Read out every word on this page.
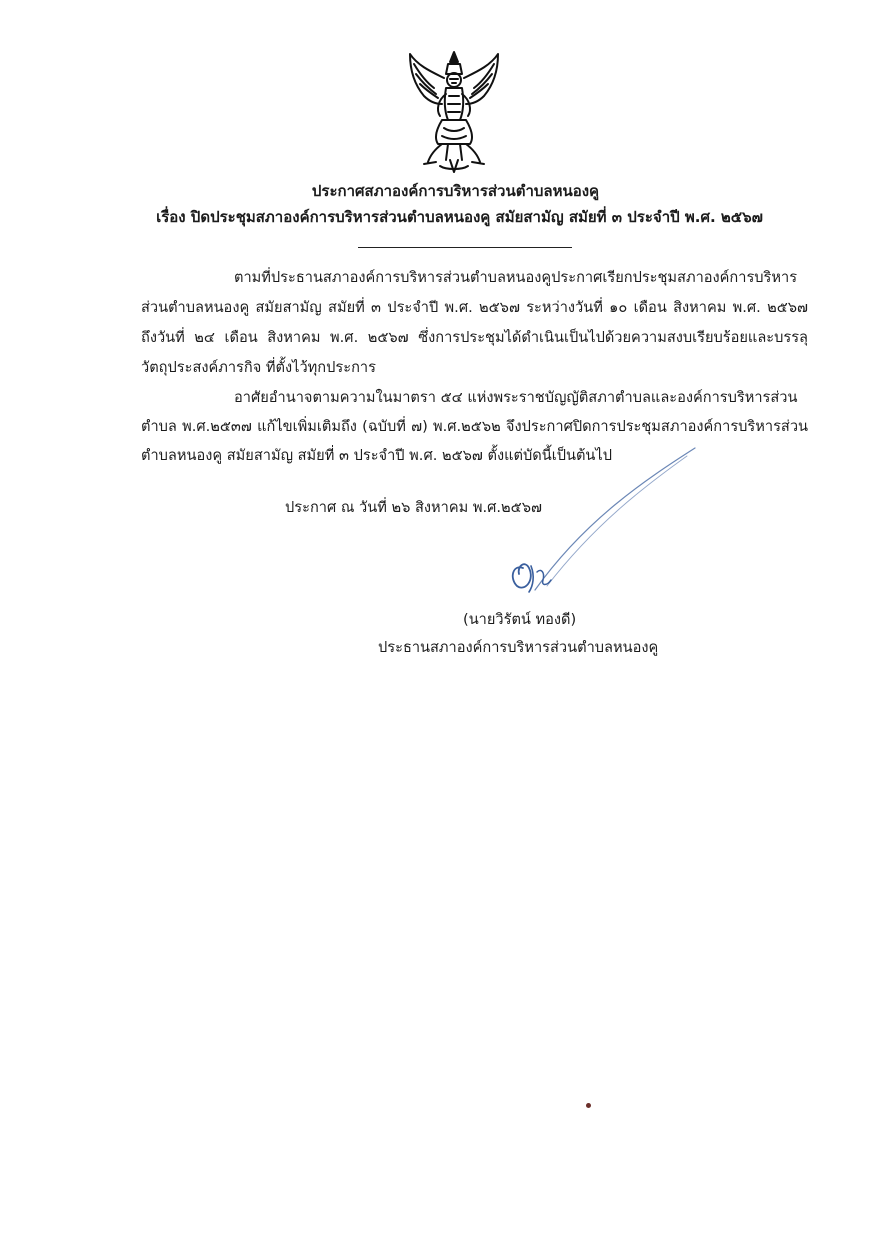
ประกาศสภาองค์การบริหารส่วนตำบลหนองคู
เรื่อง ปิดประชุมสภาองค์การบริหารส่วนตำบลหนองคู สมัยสามัญ สมัยที่ ๓ ประจำปี พ.ศ. ๒๕๖๗
ตามที่ประธานสภาองค์การบริหารส่วนตำบลหนองคูประกาศเรียกประชุมสภาองค์การบริหาร
ส่วนตำบลหนองคู สมัยสามัญ สมัยที่ ๓ ประจำปี พ.ศ. ๒๕๖๗ ระหว่างวันที่ ๑๐ เดือน สิงหาคม พ.ศ. ๒๕๖๗
ถึงวันที่ ๒๔ เดือน สิงหาคม พ.ศ. ๒๕๖๗ ซึ่งการประชุมได้ดำเนินเป็นไปด้วยความสงบเรียบร้อยและบรรลุ
วัตถุประสงค์ภารกิจ ที่ตั้งไว้ทุกประการ
อาศัยอำนาจตามความในมาตรา ๕๔ แห่งพระราชบัญญัติสภาตำบลและองค์การบริหารส่วน
ตำบล พ.ศ.๒๕๓๗ แก้ไขเพิ่มเติมถึง (ฉบับที่ ๗) พ.ศ.๒๕๖๒ จึงประกาศปิดการประชุมสภาองค์การบริหารส่วน
ตำบลหนองคู สมัยสามัญ สมัยที่ ๓ ประจำปี พ.ศ. ๒๕๖๗ ตั้งแต่บัดนี้เป็นต้นไป
ประกาศ ณ วันที่ ๒๖ สิงหาคม พ.ศ.๒๕๖๗
(นายวิรัตน์ ทองดี)
ประธานสภาองค์การบริหารส่วนตำบลหนองคู
